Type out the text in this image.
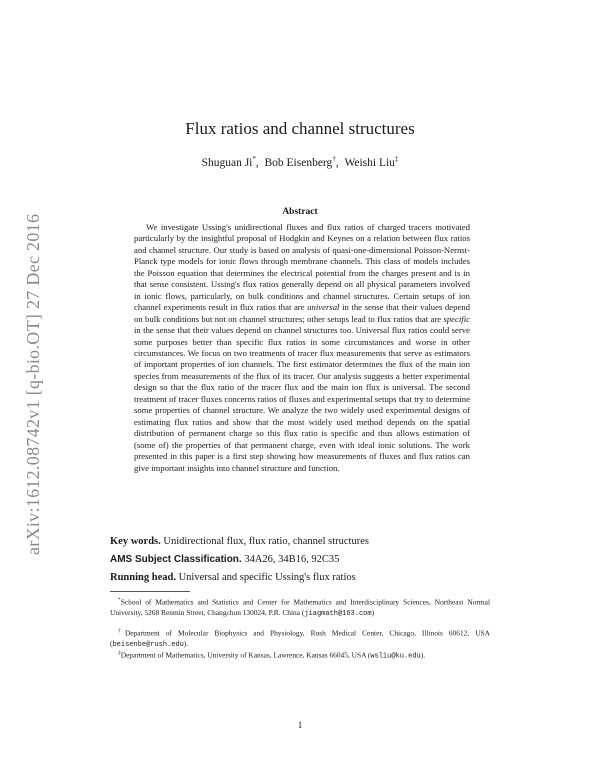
arXiv:1612.08742v1 [q-bio.OT] 27 Dec 2016
Flux ratios and channel structures
Shuguan Ji*,  Bob Eisenberg†,  Weishi Liu‡
Abstract

We investigate Ussing's unidirectional fluxes and flux ratios of charged tracers motivated particularly by the insightful proposal of Hodgkin and Keynes on a relation between flux ratios and channel structure. Our study is based on analysis of quasi-one-dimensional Poisson-Nernst-Planck type models for ionic flows through membrane channels. This class of models includes the Poisson equation that determines the electrical potential from the charges present and is in that sense consistent. Ussing's flux ratios generally depend on all physical parameters involved in ionic flows, particularly, on bulk conditions and channel structures. Certain setups of ion channel experiments result in flux ratios that are universal in the sense that their values depend on bulk conditions but not on channel structures; other setups lead to flux ratios that are specific in the sense that their values depend on channel structures too. Universal flux ratios could serve some purposes better than specific flux ratios in some circumstances and worse in other circumstances. We focus on two treatments of tracer flux measurements that serve as estimators of important properties of ion channels. The first estimator determines the flux of the main ion species from measurements of the flux of its tracer. Our analysis suggests a better experimental design so that the flux ratio of the tracer flux and the main ion flux is universal. The second treatment of tracer fluxes concerns ratios of fluxes and experimental setups that try to determine some properties of channel structure. We analyze the two widely used experimental designs of estimating flux ratios and show that the most widely used method depends on the spatial distribution of permanent charge so this flux ratio is specific and thus allows estimation of (some of) the properties of that permanent charge, even with ideal ionic solutions. The work presented in this paper is a first step showing how measurements of fluxes and flux ratios can give important insights into channel structure and function.

Key words. Unidirectional flux, flux ratio, channel structures
AMS Subject Classification. 34A26, 34B16, 92C35
Running head. Universal and specific Ussing's flux ratios

*School of Mathematics and Statistics and Center for Mathematics and Interdisciplinary Sciences, Northeast Normal University, 5268 Renmin Street, Changchun 130024, P.R. China (jiagmath@163.com)

†Department of Molecular Biophysics and Physiology, Rush Medical Center, Chicago, Illinois 60612, USA (beisenbe@rush.edu).

‡Department of Mathematics, University of Kansas, Lawrence, Kansas 66045, USA (wsliu@ku.edu).

1
